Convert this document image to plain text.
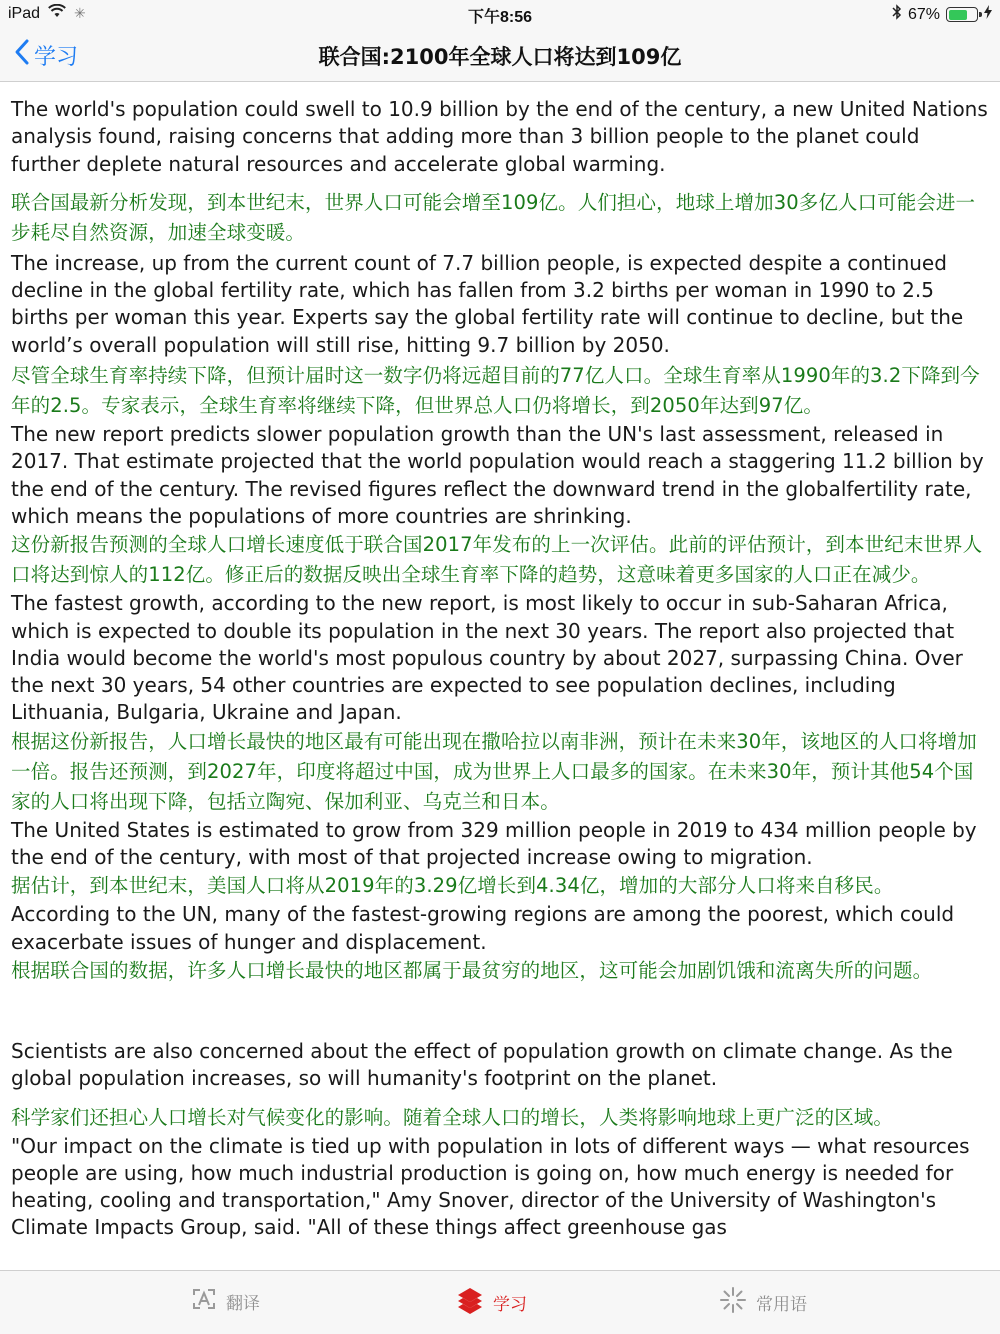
iPad ✳	下午8:56	67%
学习	联合国:2100年全球人口将达到109亿

The world's population could swell to 10.9 billion by the end of the century, a new United Nations analysis found, raising concerns that adding more than 3 billion people to the planet could further deplete natural resources and accelerate global warming.

联合国最新分析发现，到本世纪末，世界人口可能会增至109亿。人们担心，地球上增加30多亿人口可能会进一步耗尽自然资源，加速全球变暖。

The increase, up from the current count of 7.7 billion people, is expected despite a continued decline in the global fertility rate, which has fallen from 3.2 births per woman in 1990 to 2.5 births per woman this year. Experts say the global fertility rate will continue to decline, but the world’s overall population will still rise, hitting 9.7 billion by 2050.

尽管全球生育率持续下降，但预计届时这一数字仍将远超目前的77亿人口。全球生育率从1990年的3.2下降到今年的2.5。专家表示，全球生育率将继续下降，但世界总人口仍将增长，到2050年达到97亿。

The new report predicts slower population growth than the UN's last assessment, released in 2017. That estimate projected that the world population would reach a staggering 11.2 billion by the end of the century. The revised figures reflect the downward trend in the globalfertility rate, which means the populations of more countries are shrinking.

这份新报告预测的全球人口增长速度低于联合国2017年发布的上一次评估。此前的评估预计，到本世纪末世界人口将达到惊人的112亿。修正后的数据反映出全球生育率下降的趋势，这意味着更多国家的人口正在减少。

The fastest growth, according to the new report, is most likely to occur in sub-Saharan Africa, which is expected to double its population in the next 30 years. The report also projected that India would become the world's most populous country by about 2027, surpassing China. Over the next 30 years, 54 other countries are expected to see population declines, including Lithuania, Bulgaria, Ukraine and Japan.

根据这份新报告，人口增长最快的地区最有可能出现在撒哈拉以南非洲，预计在未来30年，该地区的人口将增加一倍。报告还预测，到2027年，印度将超过中国，成为世界上人口最多的国家。在未来30年，预计其他54个国家的人口将出现下降，包括立陶宛、保加利亚、乌克兰和日本。

The United States is estimated to grow from 329 million people in 2019 to 434 million people by the end of the century, with most of that projected increase owing to migration.

据估计，到本世纪末，美国人口将从2019年的3.29亿增长到4.34亿，增加的大部分人口将来自移民。

According to the UN, many of the fastest-growing regions are among the poorest, which could exacerbate issues of hunger and displacement.

根据联合国的数据，许多人口增长最快的地区都属于最贫穷的地区，这可能会加剧饥饿和流离失所的问题。

Scientists are also concerned about the effect of population growth on climate change. As the global population increases, so will humanity's footprint on the planet.

科学家们还担心人口增长对气候变化的影响。随着全球人口的增长，人类将影响地球上更广泛的区域。

"Our impact on the climate is tied up with population in lots of different ways — what resources people are using, how much industrial production is going on, how much energy is needed for heating, cooling and transportation," Amy Snover, director of the University of Washington's Climate Impacts Group, said. "All of these things affect greenhouse gas

翻译	学习	常用语
